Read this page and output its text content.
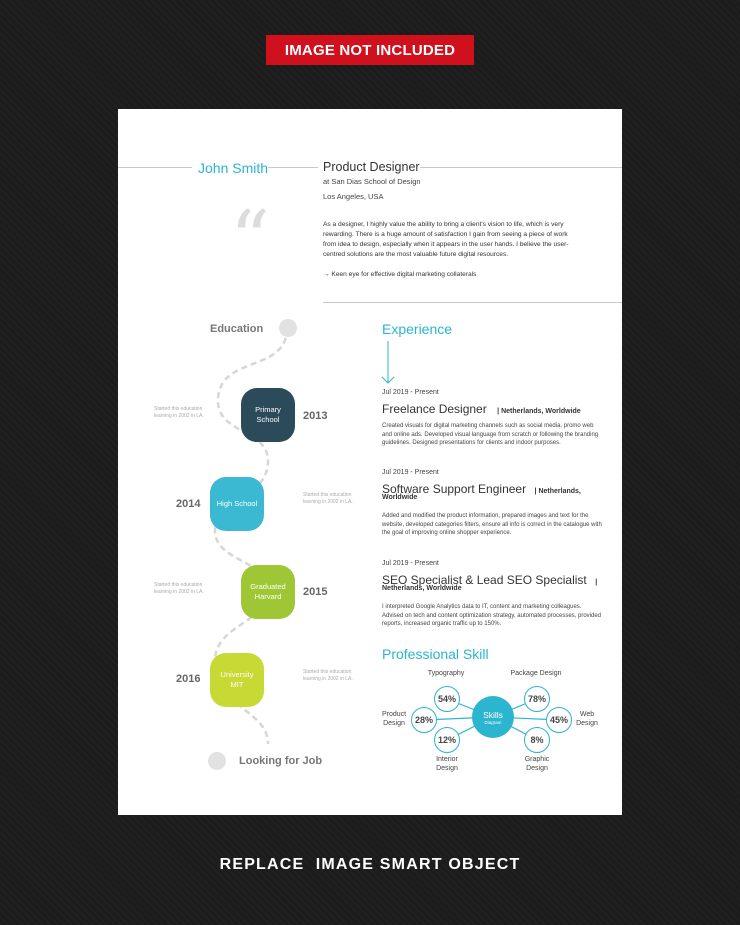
IMAGE NOT INCLUDED
John Smith	Product Designer
at San Dias School of Design
Los Angeles, USA
“	As a designer, I highly value the ability to bring a client's vision to life, which is very rewarding. There is a huge amount of satisfaction I gain from seeing a piece of work from idea to design, especially when it appears in the user hands. I believe the user-centred solutions are the most valuable future digital resources.
→ Keen eye for effective digital marketing collaterals
Education
Started this education learning in 2002 in LA.
Primary School	2013
2014 High School
Started this education learning in 2002 in LA.
Started this education learning in 2002 in LA.
Graduated Harvard	2015
2016	University MIT
Started this education learning in 2002 in LA.
Looking for Job
Experience
Jul 2019 - Present
Freelance Designer | Netherlands, Worldwide
Created visuals for digital marketing channels such as social media, promo web and online ads. Developed visual language from scratch or following the branding guidelines. Designed presentations for clients and indoor purposes.
Jul 2019 - Present
Software Support Engineer | Netherlands,
Worldwide
Added and modified the product information, prepared images and text for the website, developed categories filters, ensure all info is correct in the catalogue with the goal of improving online shopper experience.
Jul 2019 - Present
SEO Specialist & Lead SEO Specialist |
Netherlands, Worldwide
I interpreted Google Analytics data to IT, content and marketing colleagues. Advised on tech and content optimization strategy, automated processes, provided reports, increased organic traffic up to 150%.
Professional Skill
54%	78%
28%	45%
12%	8%
Skills
Diagram
Typography	Package Design
Product Design
Web Design
Interior Design
Graphic Design
REPLACE  IMAGE SMART OBJECT
